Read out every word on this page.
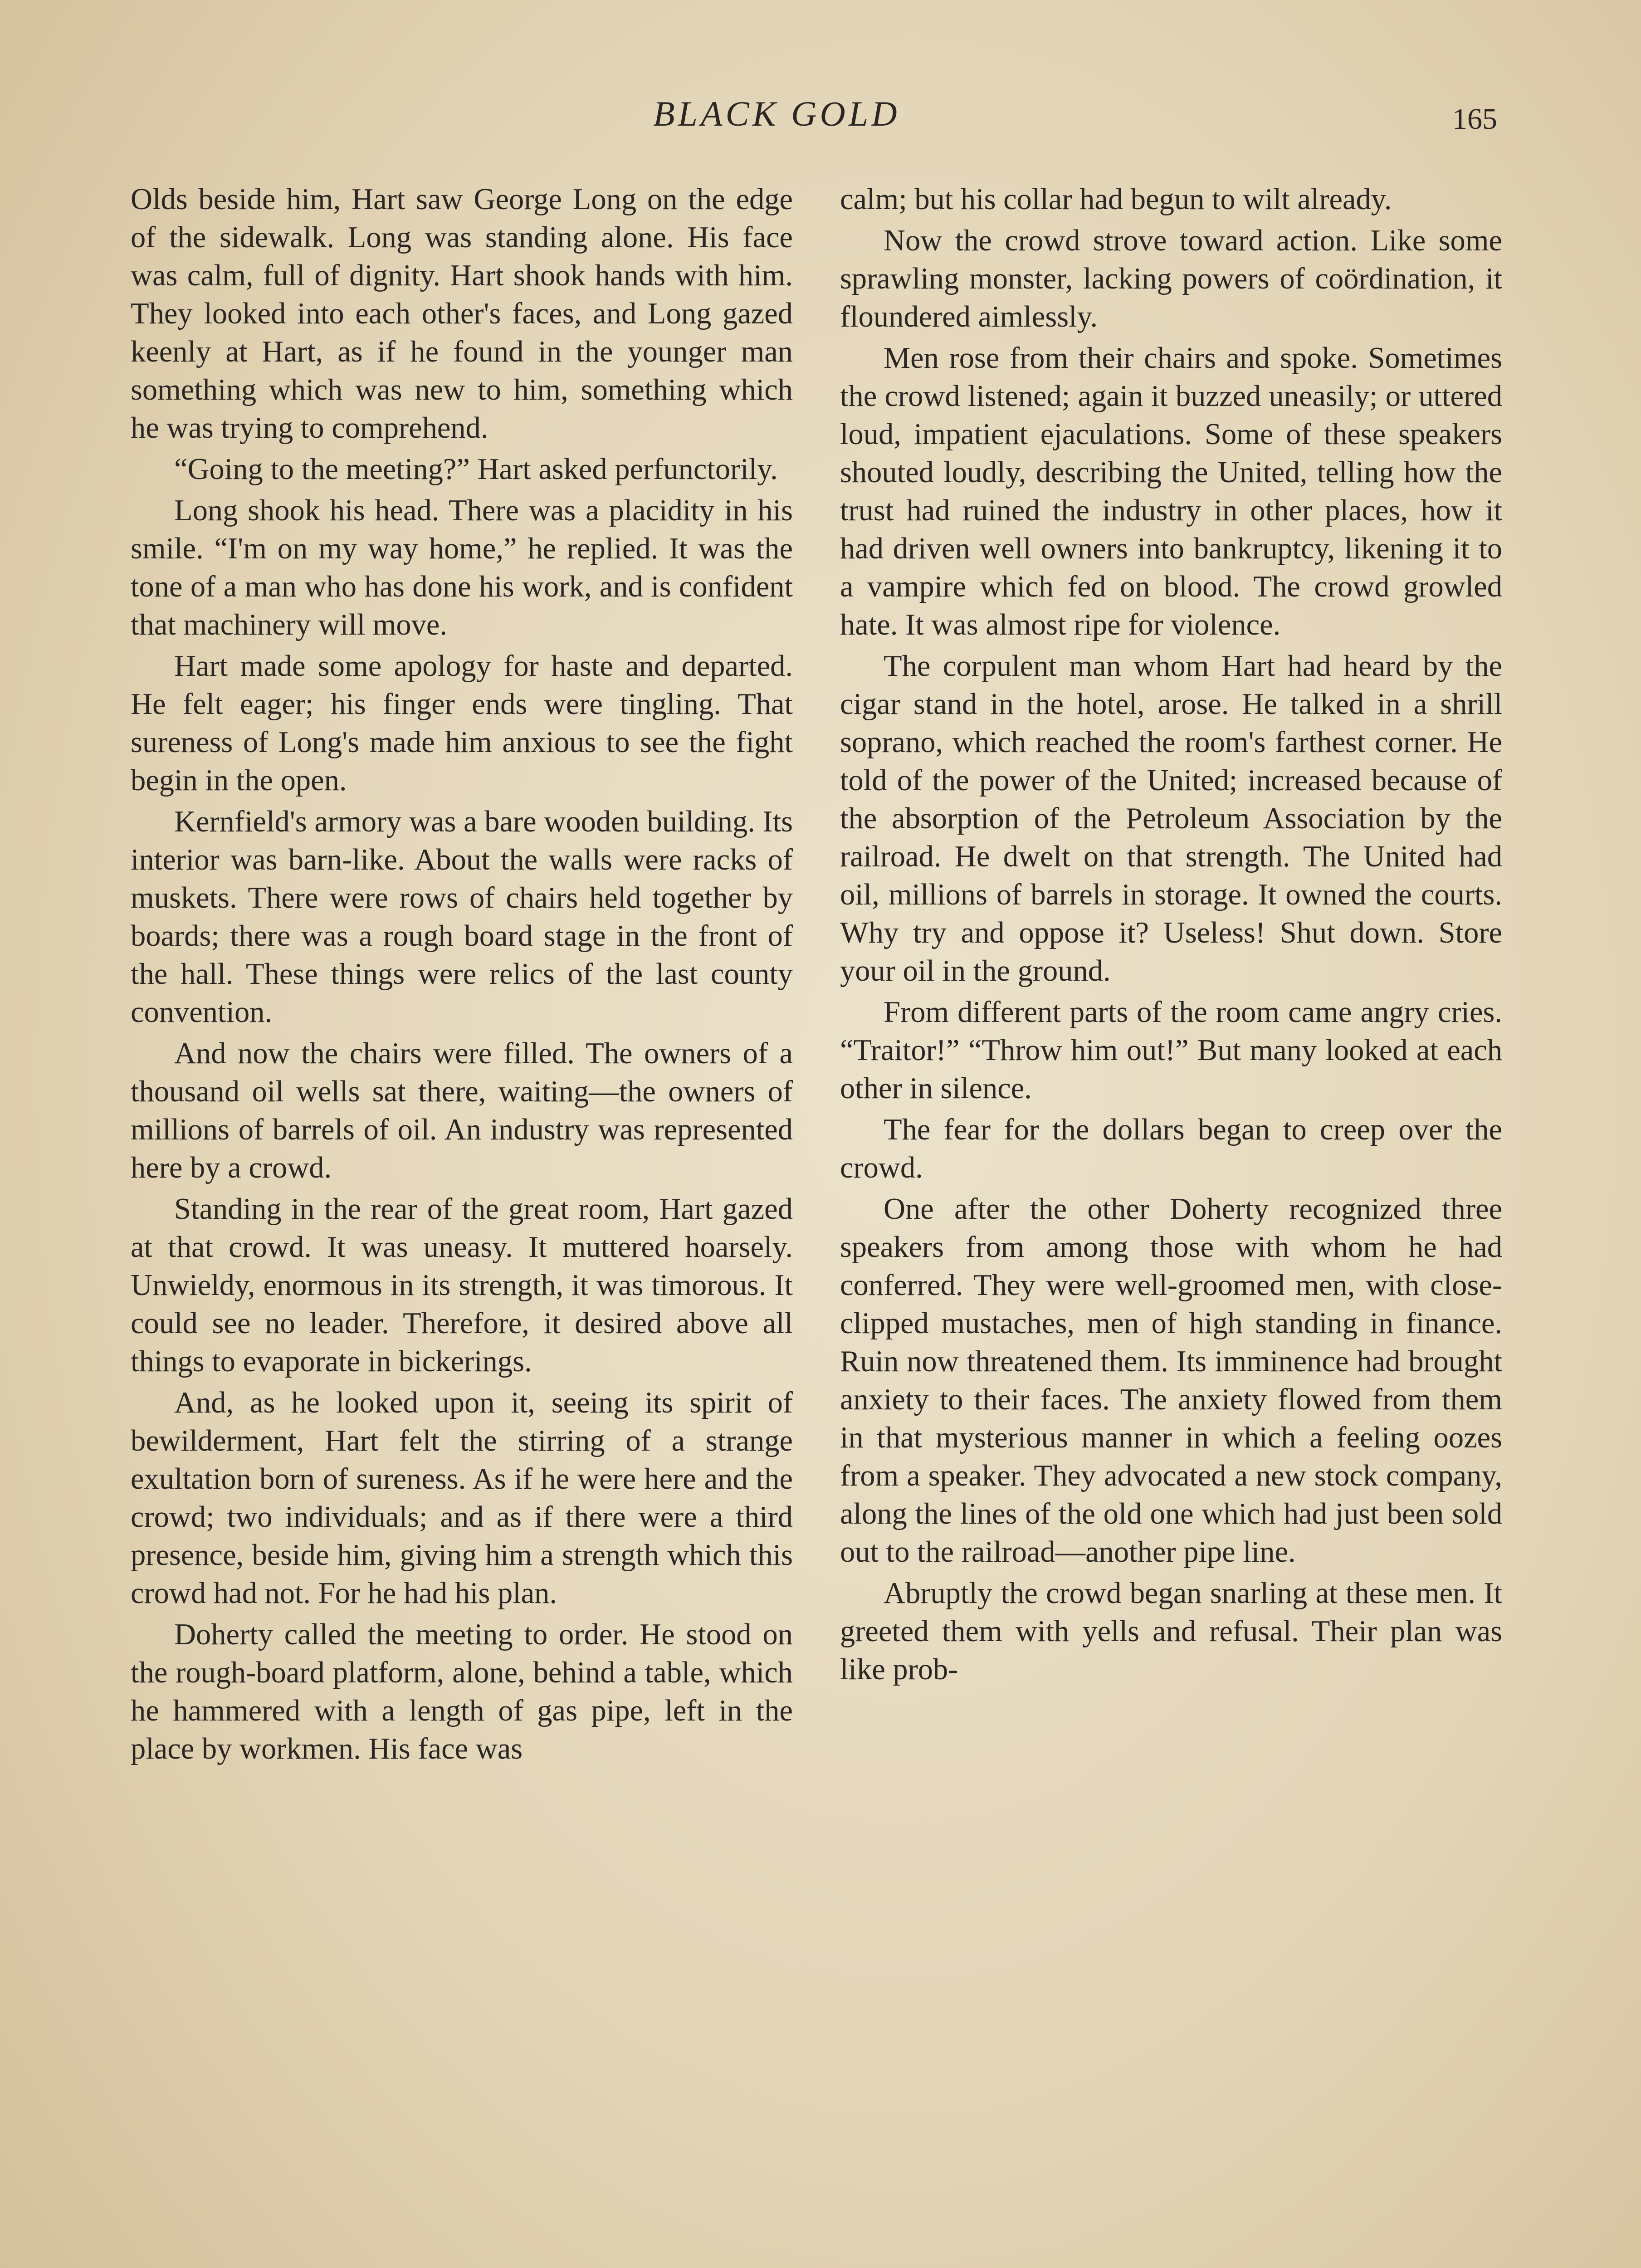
BLACK GOLD	165

Olds beside him, Hart saw George Long on the edge of the sidewalk. Long was standing alone. His face was calm, full of dignity. Hart shook hands with him. They looked into each other's faces, and Long gazed keenly at Hart, as if he found in the younger man something which was new to him, something which he was trying to comprehend.

“Going to the meeting?” Hart asked perfunctorily.

Long shook his head. There was a placidity in his smile. “I'm on my way home,” he replied. It was the tone of a man who has done his work, and is confident that machinery will move.

Hart made some apology for haste and departed. He felt eager; his finger ends were tingling. That sureness of Long's made him anxious to see the fight begin in the open.

Kernfield's armory was a bare wooden building. Its interior was barn-like. About the walls were racks of muskets. There were rows of chairs held together by boards; there was a rough board stage in the front of the hall. These things were relics of the last county convention.

And now the chairs were filled. The owners of a thousand oil wells sat there, waiting—the owners of millions of barrels of oil. An industry was represented here by a crowd.

Standing in the rear of the great room, Hart gazed at that crowd. It was uneasy. It muttered hoarsely. Unwieldy, enormous in its strength, it was timorous. It could see no leader. Therefore, it desired above all things to evaporate in bickerings.

And, as he looked upon it, seeing its spirit of bewilderment, Hart felt the stirring of a strange exultation born of sureness. As if he were here and the crowd; two individuals; and as if there were a third presence, beside him, giving him a strength which this crowd had not. For he had his plan.

Doherty called the meeting to order. He stood on the rough-board platform, alone, behind a table, which he hammered with a length of gas pipe, left in the place by workmen. His face was

calm; but his collar had begun to wilt already.

Now the crowd strove toward action. Like some sprawling monster, lacking powers of coördination, it floundered aimlessly.

Men rose from their chairs and spoke. Sometimes the crowd listened; again it buzzed uneasily; or uttered loud, impatient ejaculations. Some of these speakers shouted loudly, describing the United, telling how the trust had ruined the industry in other places, how it had driven well owners into bankruptcy, likening it to a vampire which fed on blood. The crowd growled hate. It was almost ripe for violence.

The corpulent man whom Hart had heard by the cigar stand in the hotel, arose. He talked in a shrill soprano, which reached the room's farthest corner. He told of the power of the United; increased because of the absorption of the Petroleum Association by the railroad. He dwelt on that strength. The United had oil, millions of barrels in storage. It owned the courts. Why try and oppose it? Useless! Shut down. Store your oil in the ground.

From different parts of the room came angry cries. “Traitor!” “Throw him out!” But many looked at each other in silence.

The fear for the dollars began to creep over the crowd.

One after the other Doherty recognized three speakers from among those with whom he had conferred. They were well-groomed men, with close-clipped mustaches, men of high standing in finance. Ruin now threatened them. Its imminence had brought anxiety to their faces. The anxiety flowed from them in that mysterious manner in which a feeling oozes from a speaker. They advocated a new stock company, along the lines of the old one which had just been sold out to the railroad—another pipe line.

Abruptly the crowd began snarling at these men. It greeted them with yells and refusal. Their plan was like prob-
